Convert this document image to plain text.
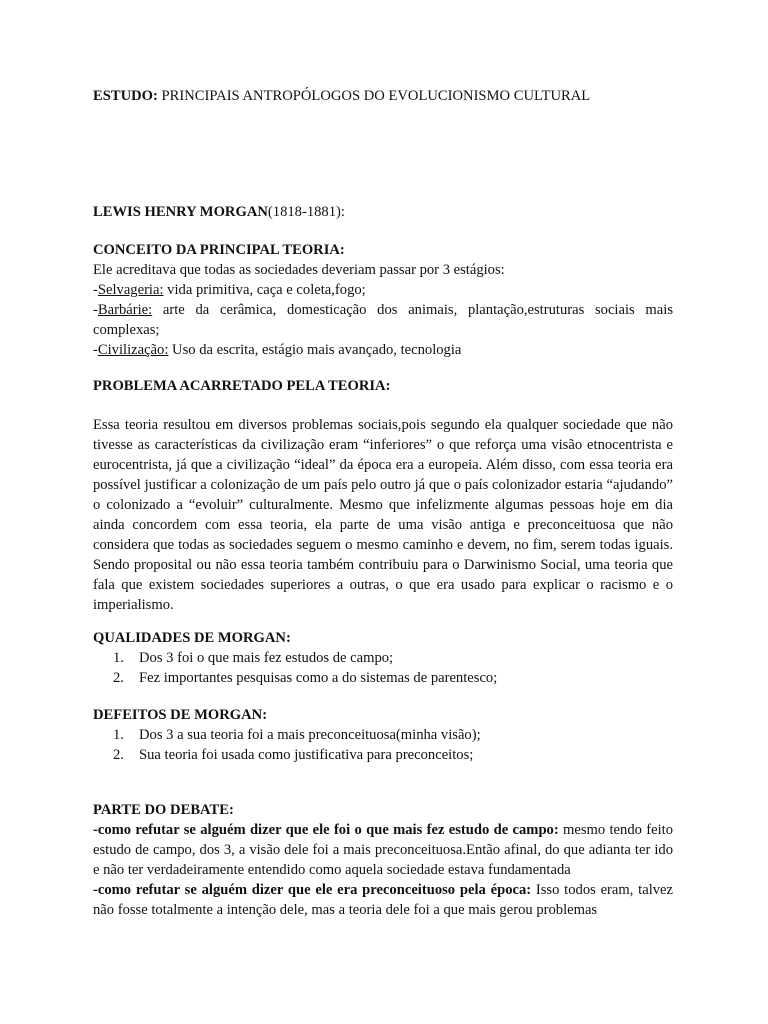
ESTUDO: PRINCIPAIS ANTROPÓLOGOS DO EVOLUCIONISMO CULTURAL
LEWIS HENRY MORGAN(1818-1881):
CONCEITO DA PRINCIPAL TEORIA:
Ele acreditava que todas as sociedades deveriam passar por 3 estágios:
-Selvageria: vida primitiva, caça e coleta,fogo;
-Barbárie: arte da cerâmica, domesticação dos animais, plantação,estruturas sociais mais complexas;
-Civilização: Uso da escrita, estágio mais avançado, tecnologia
PROBLEMA ACARRETADO PELA TEORIA:
Essa teoria resultou em diversos problemas sociais,pois segundo ela qualquer sociedade que não tivesse as características da civilização eram “inferiores” o que reforça uma visão etnocentrista e eurocentrista, já que a civilização “ideal” da época era a europeia. Além disso, com essa teoria era possível justificar a colonização de um país pelo outro já que o país colonizador estaria “ajudando” o colonizado a “evoluir” culturalmente. Mesmo que infelizmente algumas pessoas hoje em dia ainda concordem com essa teoria, ela parte de uma visão antiga e preconceituosa que não considera que todas as sociedades seguem o mesmo caminho e devem, no fim, serem todas iguais. Sendo proposital ou não essa teoria também contribuiu para o Darwinismo Social, uma teoria que fala que existem sociedades superiores a outras, o que era usado para explicar o racismo e o imperialismo.
QUALIDADES DE MORGAN:
1. Dos 3 foi o que mais fez estudos de campo;
2. Fez importantes pesquisas como a do sistemas de parentesco;
DEFEITOS DE MORGAN:
1. Dos 3 a sua teoria foi a mais preconceituosa(minha visão);
2. Sua teoria foi usada como justificativa para preconceitos;
PARTE DO DEBATE:
-como refutar se alguém dizer que ele foi o que mais fez estudo de campo: mesmo tendo feito estudo de campo, dos 3, a visão dele foi a mais preconceituosa.Então afinal, do que adianta ter ido e não ter verdadeiramente entendido como aquela sociedade estava fundamentada
-como refutar se alguém dizer que ele era preconceituoso pela época: Isso todos eram, talvez não fosse totalmente a intenção dele, mas a teoria dele foi a que mais gerou problemas
